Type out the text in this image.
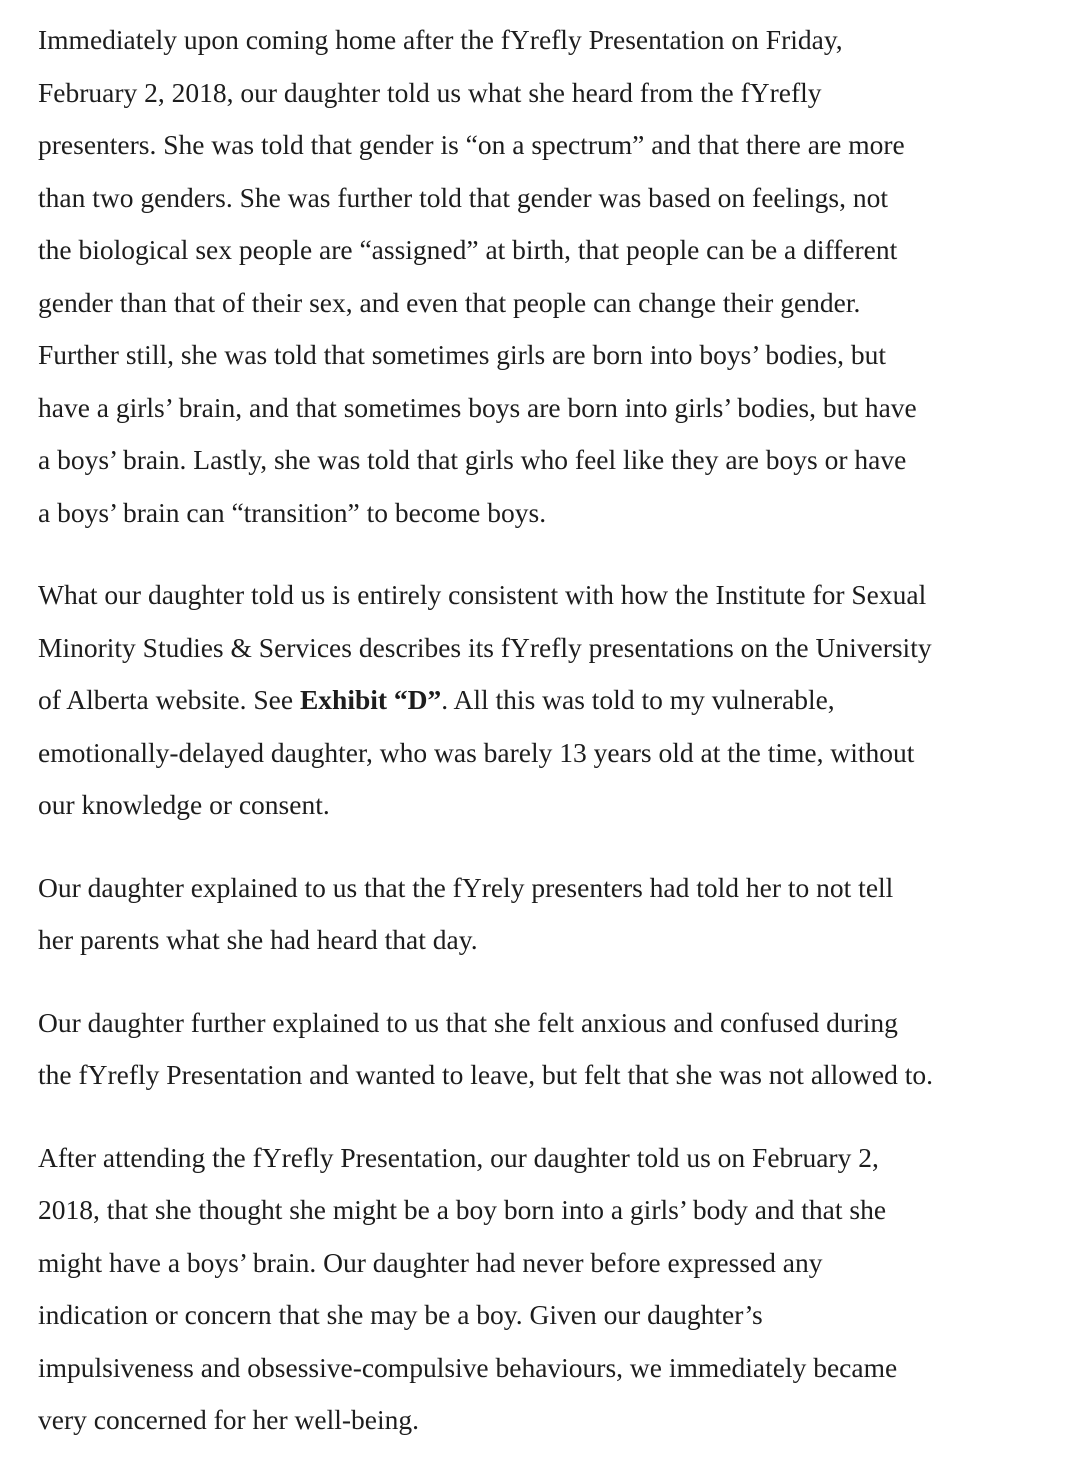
Immediately upon coming home after the fYrefly Presentation on Friday,
February 2, 2018, our daughter told us what she heard from the fYrefly
presenters. She was told that gender is “on a spectrum” and that there are more
than two genders. She was further told that gender was based on feelings, not
the biological sex people are “assigned” at birth, that people can be a different
gender than that of their sex, and even that people can change their gender.
Further still, she was told that sometimes girls are born into boys’ bodies, but
have a girls’ brain, and that sometimes boys are born into girls’ bodies, but have
a boys’ brain. Lastly, she was told that girls who feel like they are boys or have
a boys’ brain can “transition” to become boys.
What our daughter told us is entirely consistent with how the Institute for Sexual
Minority Studies & Services describes its fYrefly presentations on the University
of Alberta website. See Exhibit “D”. All this was told to my vulnerable,
emotionally-delayed daughter, who was barely 13 years old at the time, without
our knowledge or consent.
Our daughter explained to us that the fYrely presenters had told her to not tell
her parents what she had heard that day.
Our daughter further explained to us that she felt anxious and confused during
the fYrefly Presentation and wanted to leave, but felt that she was not allowed to.
After attending the fYrefly Presentation, our daughter told us on February 2,
2018, that she thought she might be a boy born into a girls’ body and that she
might have a boys’ brain. Our daughter had never before expressed any
indication or concern that she may be a boy. Given our daughter’s
impulsiveness and obsessive-compulsive behaviours, we immediately became
very concerned for her well-being.
